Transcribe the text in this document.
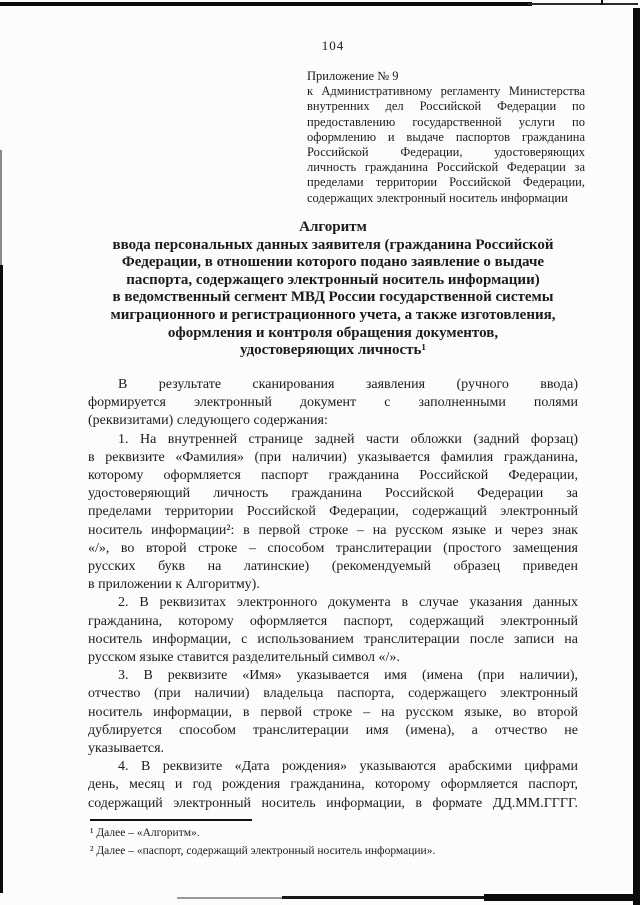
104
Приложение № 9
к Административному регламенту Министерства
внутренних дел Российской Федерации по
предоставлению государственной услуги по
оформлению и выдаче паспортов гражданина
Российской Федерации, удостоверяющих
личность гражданина Российской Федерации за
пределами территории Российской Федерации,
содержащих электронный носитель информации
Алгоритм
ввода персональных данных заявителя (гражданина Российской
Федерации, в отношении которого подано заявление о выдаче
паспорта, содержащего электронный носитель информации)
в ведомственный сегмент МВД России государственной системы
миграционного и регистрационного учета, а также изготовления,
оформления и контроля обращения документов,
удостоверяющих личность¹
В результате сканирования заявления (ручного ввода)
формируется электронный документ с заполненными полями
(реквизитами) следующего содержания:
1. На внутренней странице задней части обложки (задний форзац)
в реквизите «Фамилия» (при наличии) указывается фамилия гражданина,
которому оформляется паспорт гражданина Российской Федерации,
удостоверяющий личность гражданина Российской Федерации за
пределами территории Российской Федерации, содержащий электронный
носитель информации²: в первой строке – на русском языке и через знак
«/», во второй строке – способом транслитерации (простого замещения
русских букв на латинские) (рекомендуемый образец приведен
в приложении к Алгоритму).
2. В реквизитах электронного документа в случае указания данных
гражданина, которому оформляется паспорт, содержащий электронный
носитель информации, с использованием транслитерации после записи на
русском языке ставится разделительный символ «/».
3. В реквизите «Имя» указывается имя (имена (при наличии),
отчество (при наличии) владельца паспорта, содержащего электронный
носитель информации, в первой строке – на русском языке, во второй
дублируется способом транслитерации имя (имена), а отчество не
указывается.
4. В реквизите «Дата рождения» указываются арабскими цифрами
день, месяц и год рождения гражданина, которому оформляется паспорт,
содержащий электронный носитель информации, в формате ДД.ММ.ГГГГ.
¹ Далее – «Алгоритм».
² Далее – «паспорт, содержащий электронный носитель информации».
